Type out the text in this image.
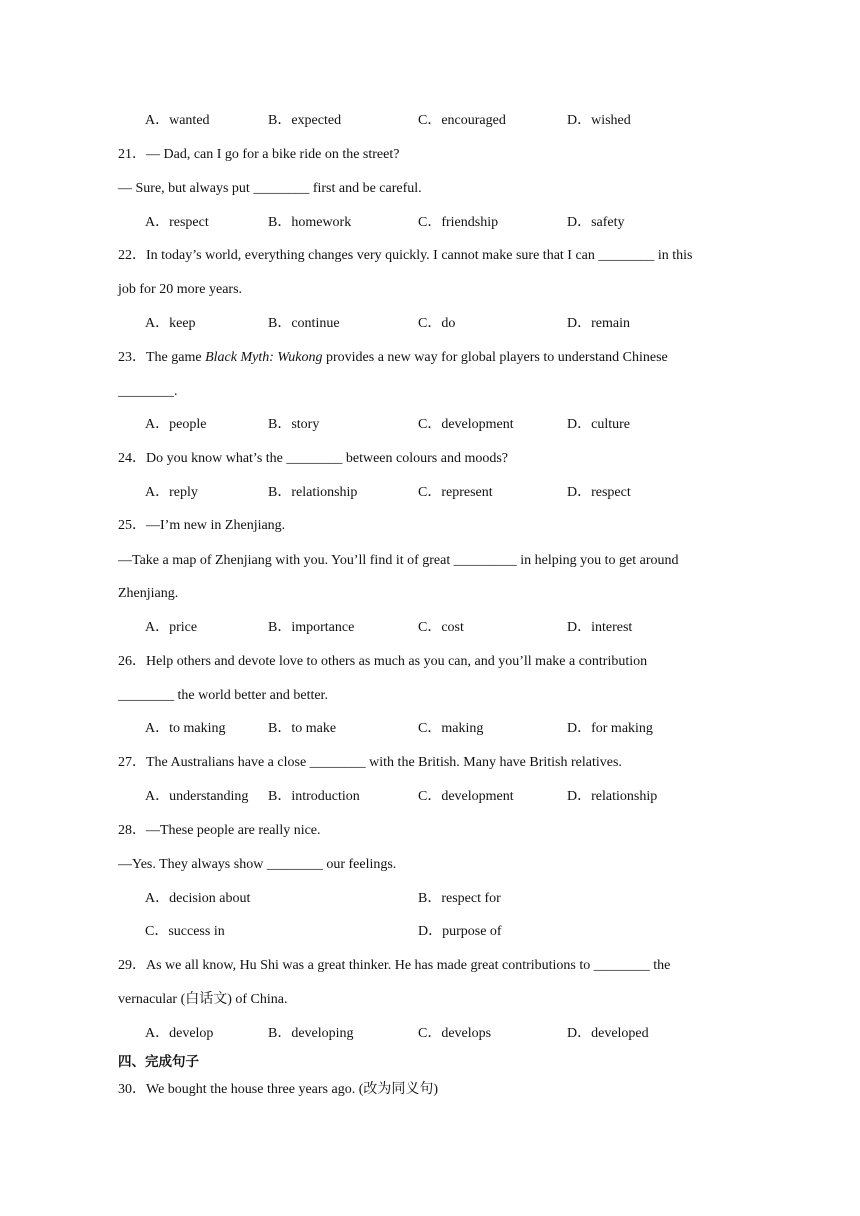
A．wanted	B．expected	C．encouraged	D．wished
21．— Dad, can I go for a bike ride on the street?
— Sure, but always put ________ first and be careful.
A．respect	B．homework	C．friendship	D．safety
22．In today’s world, everything changes very quickly. I cannot make sure that I can ________ in this
job for 20 more years.
A．keep	B．continue	C．do	D．remain
23．The game Black Myth: Wukong provides a new way for global players to understand Chinese
________.
A．people	B．story	C．development	D．culture
24．Do you know what’s the ________ between colours and moods?
A．reply	B．relationship	C．represent	D．respect
25．—I’m new in Zhenjiang.
—Take a map of Zhenjiang with you. You’ll find it of great _________ in helping you to get around
Zhenjiang.
A．price	B．importance	C．cost	D．interest
26．Help others and devote love to others as much as you can, and you’ll make a contribution
________ the world better and better.
A．to making	B．to make	C．making	D．for making
27．The Australians have a close ________ with the British. Many have British relatives.
A．understanding B．introduction	C．development	D．relationship
28．—These people are really nice.
—Yes. They always show ________ our feelings.
A．decision about	B．respect for
C．success in	D．purpose of
29．As we all know, Hu Shi was a great thinker. He has made great contributions to ________ the
vernacular (白话文) of China.
A．develop	B．developing	C．develops	D．developed
四、完成句子
30．We bought the house three years ago. (改为同义句)
